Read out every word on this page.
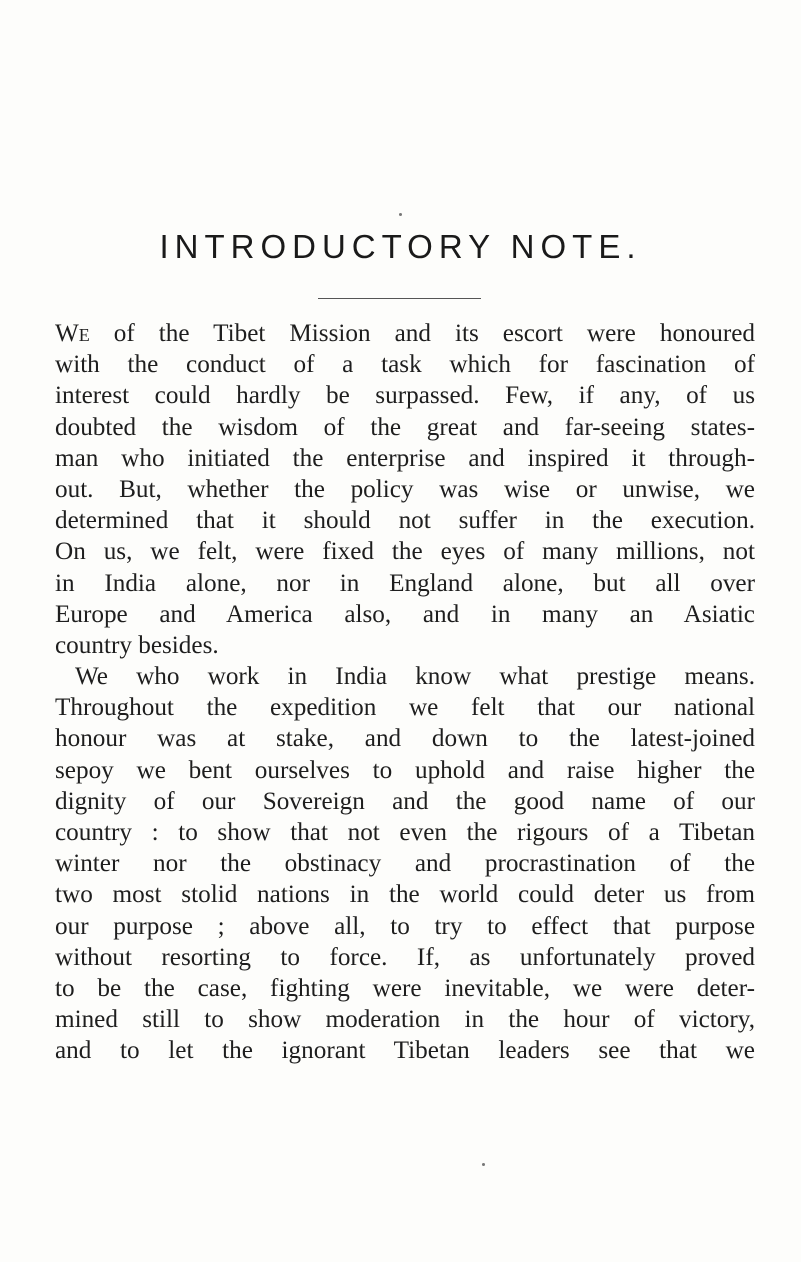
INTRODUCTORY NOTE.
We of the Tibet Mission and its escort were honoured
with the conduct of a task which for fascination of
interest could hardly be surpassed. Few, if any, of us
doubted the wisdom of the great and far-seeing states-
man who initiated the enterprise and inspired it through-
out. But, whether the policy was wise or unwise, we
determined that it should not suffer in the execution.
On us, we felt, were fixed the eyes of many millions, not
in India alone, nor in England alone, but all over
Europe and America also, and in many an Asiatic
country besides.
We who work in India know what prestige means.
Throughout the expedition we felt that our national
honour was at stake, and down to the latest-joined
sepoy we bent ourselves to uphold and raise higher the
dignity of our Sovereign and the good name of our
country : to show that not even the rigours of a Tibetan
winter nor the obstinacy and procrastination of the
two most stolid nations in the world could deter us from
our purpose ; above all, to try to effect that purpose
without resorting to force. If, as unfortunately proved
to be the case, fighting were inevitable, we were deter-
mined still to show moderation in the hour of victory,
and to let the ignorant Tibetan leaders see that we
